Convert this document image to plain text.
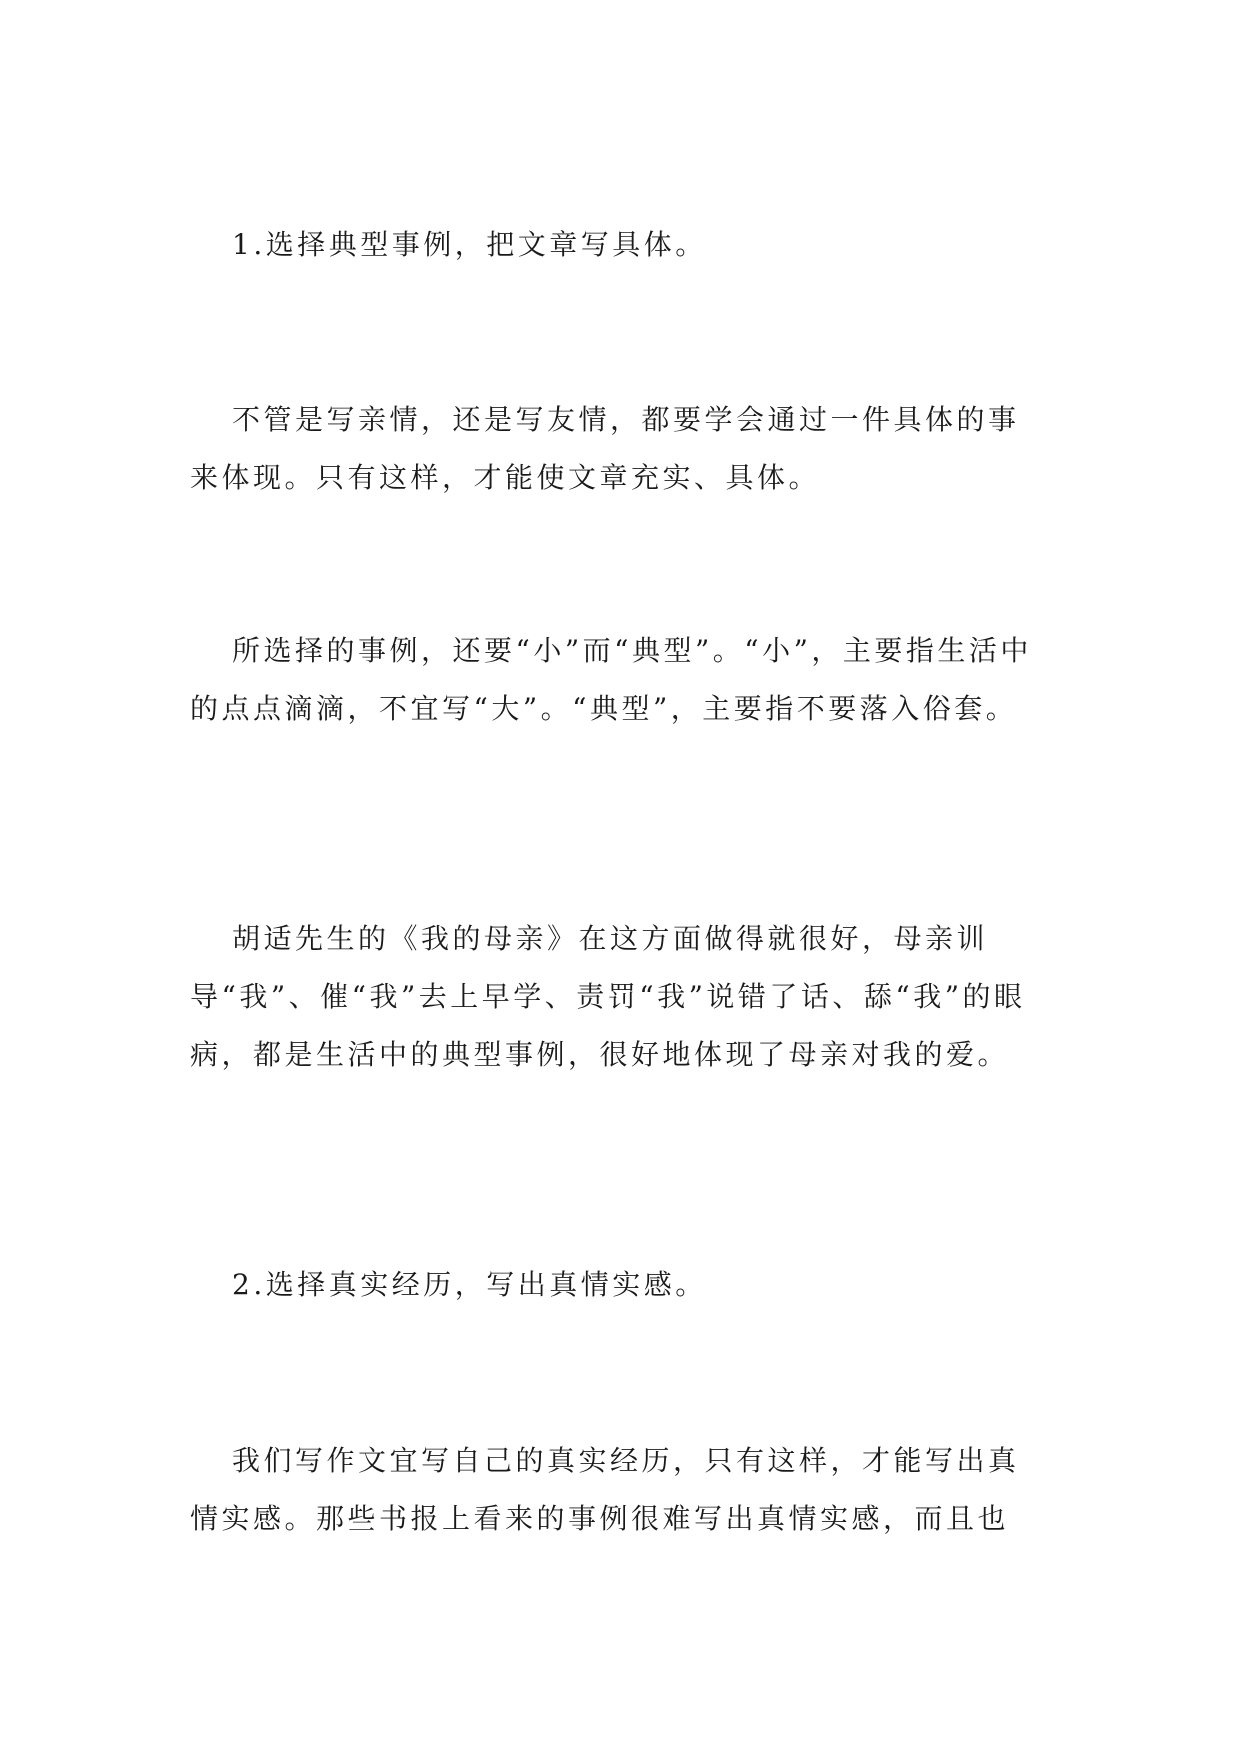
1.选择典型事例，把文章写具体。

不管是写亲情，还是写友情，都要学会通过一件具体的事来体现。只有这样，才能使文章充实、具体。

所选择的事例，还要“小”而“典型”。“小”，主要指生活中的点点滴滴，不宜写“大”。“典型”，主要指不要落入俗套。

胡适先生的《我的母亲》在这方面做得就很好，母亲训导“我”、催“我”去上早学、责罚“我”说错了话、舔“我”的眼病，都是生活中的典型事例，很好地体现了母亲对我的爱。

2.选择真实经历，写出真情实感。

我们写作文宜写自己的真实经历，只有这样，才能写出真情实感。那些书报上看来的事例很难写出真情实感，而且也
